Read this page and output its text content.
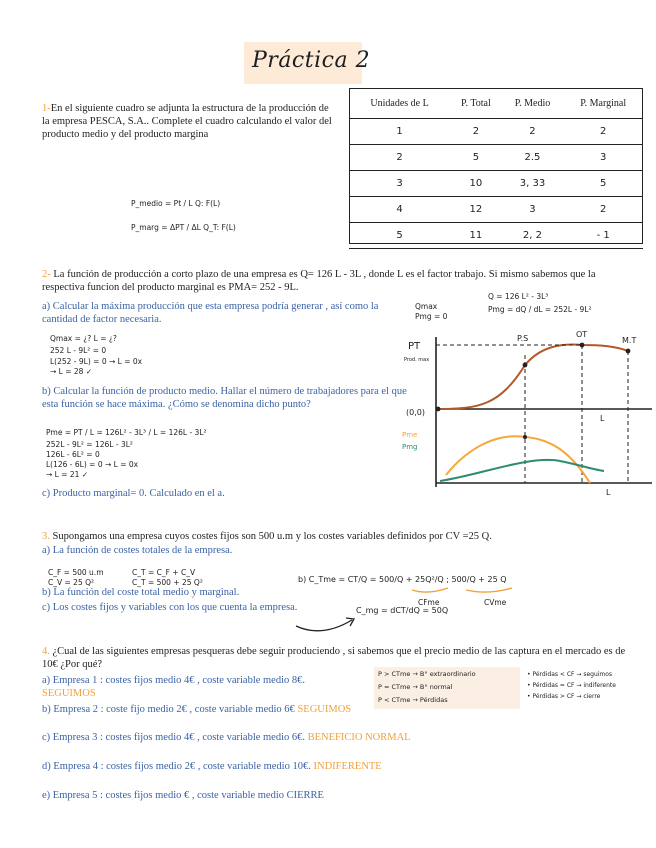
Práctica 2
1-En el siguiente cuadro se adjunta la estructura de la producción de la empresa PESCA, S.A.. Complete el cuadro calculando el valor del producto medio y del producto margina
P_medio = Pt / L Q: F(L)
P_marg = ΔPT / ΔL Q_T: F(L)
Unidades de L	P. Total	P. Medio	P. Marginal
1	2	2	2
2	5	2.5	3
3	10	3, 33	5
4	12	3	2
5	11	2, 2	- 1
2- La función de producción a corto plazo de una empresa es Q= 126 L - 3L , donde L es el factor trabajo. Si mismo sabemos que la respectiva funcion del producto marginal es PMA= 252 - 9L.
a) Calcular la máxima producción que esta empresa podría generar , así como la cantidad de factor necesaria.
Qmax
Pmg = 0
Q = 126 L² - 3L³
Pmg = dQ / dL = 252L - 9L²
Qmax = ¿? L = ¿?
252 L - 9L² = 0
L(252 - 9L) = 0 → L = 0x
→ L = 28 ✓
b) Calcular la función de producto medio. Hallar el número de trabajadores para el que esta función se hace máxima. ¿Cómo se denomina dicho punto?
Pme = PT / L = 126L² - 3L³ / L = 126L - 3L²
252L - 9L² = 126L - 3L²
126L - 6L² = 0
L(126 - 6L) = 0 → L = 0x
→ L = 21 ✓
c) Producto marginal= 0. Calculado en el a.
PT
Prod. max
(0,0)
P.S	OT
M.T
L
L
Pme
Pmg
3. Supongamos una empresa cuyos costes fijos son 500 u.m y los costes variables definidos por CV =25 Q.
a) La función de costes totales de la empresa.
C_F = 500 u.m
C_V = 25 Q²
C_T = C_F + C_V
C_T = 500 + 25 Q²
b) La función del coste total medio y marginal.
c) Los costes fijos y variables con los que cuenta la empresa.
b) C_Tme = CT/Q = 500/Q + 25Q²/Q ; 500/Q + 25 Q
CFme	CVme
C_mg = dCT/dQ = 50Q
4. ¿Cual de las siguientes empresas pesqueras debe seguir produciendo , si sabemos que el precio medio de las captura en el mercado es de 10€ ¿Por qué?
a) Empresa 1 : costes fijos medio 4€ , coste variable medio 8€.
SEGUIMOS
b) Empresa 2 : coste fijo medio 2€ , coste variable medio 6€ SEGUIMOS
c) Empresa 3 : costes fijos medio 4€ , coste variable medio 6€. BENEFICIO NORMAL
d) Empresa 4 : costes fijos medio 2€ , coste variable medio 10€. INDIFERENTE
e) Empresa 5 : costes fijos medio € , coste variable medio CIERRE
P > CTme → B° extraordinario
P = CTme → B° normal
P < CTme → Pérdidas
• Pérdidas < CF → seguimos
• Pérdidas = CF → indiferente
• Pérdidas > CF → cierre
